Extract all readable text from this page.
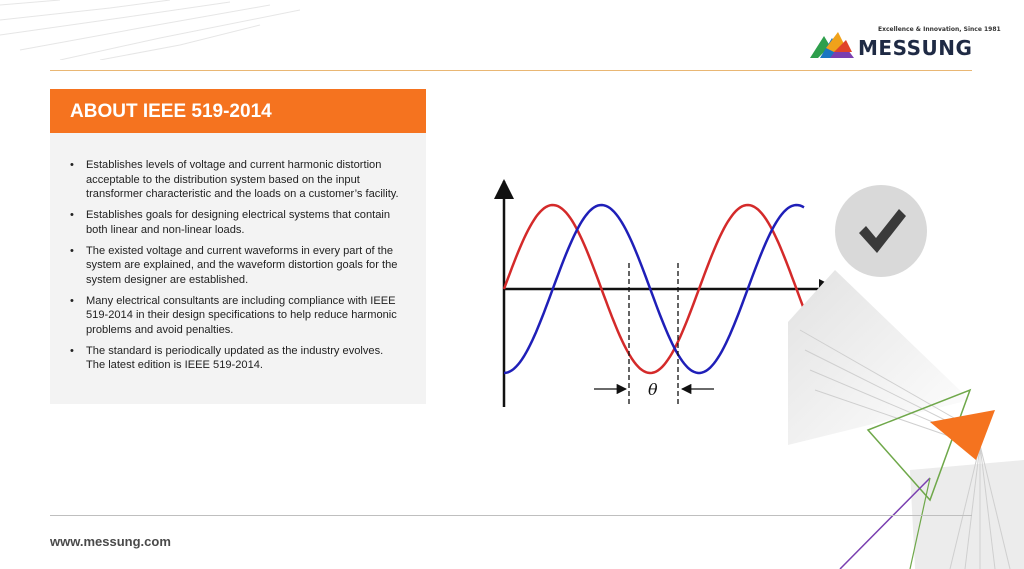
Excellence & Innovation, Since 1981
MESSUNG
ABOUT IEEE 519-2014
• Establishes levels of voltage and current harmonic distortion acceptable to the distribution system based on the input transformer characteristic and the loads on a customer’s facility.
• Establishes goals for designing electrical systems that contain both linear and non-linear loads.
• The existed voltage and current waveforms in every part of the system are explained, and the waveform distortion goals for the system designer are established.
• Many electrical consultants are including compliance with IEEE 519-2014 in their design specifications to help reduce harmonic problems and avoid penalties.
• The standard is periodically updated as the industry evolves. The latest edition is IEEE 519-2014.
θ
www.messung.com
